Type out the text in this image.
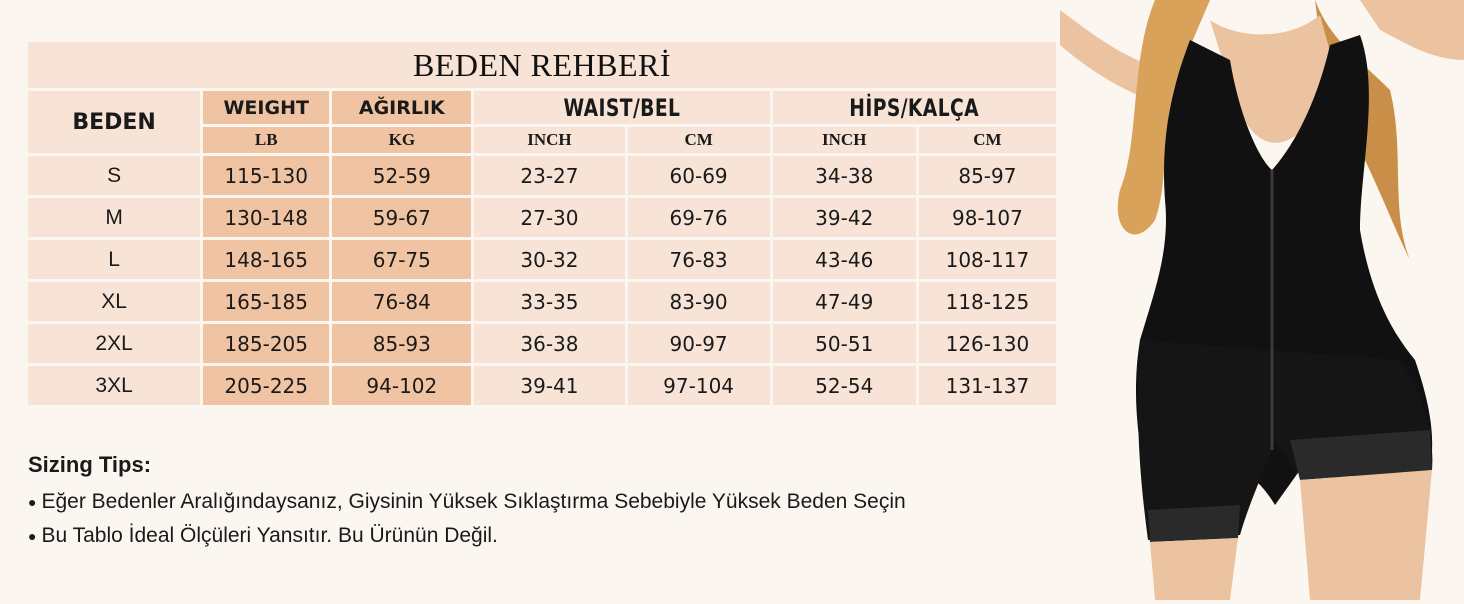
BEDEN REHBERİ
BEDEN	WEIGHT	AĞIRLIK	WAIST/BEL		HİPS/KALÇA	
	LB	KG	INCH	CM	INCH	CM
S	115-130	52-59	23-27	60-69	34-38	85-97
M	130-148	59-67	27-30	69-76	39-42	98-107
L	148-165	67-75	30-32	76-83	43-46	108-117
XL	165-185	76-84	33-35	83-90	47-49	118-125
2XL	185-205	85-93	36-38	90-97	50-51	126-130
3XL	205-225	94-102	39-41	97-104	52-54	131-137
Sizing Tips:
● Eğer Bedenler Aralığındaysanız, Giysinin Yüksek Sıklaştırma Sebebiyle Yüksek Beden Seçin
● Bu Tablo İdeal Ölçüleri Yansıtır. Bu Ürünün Değil.
